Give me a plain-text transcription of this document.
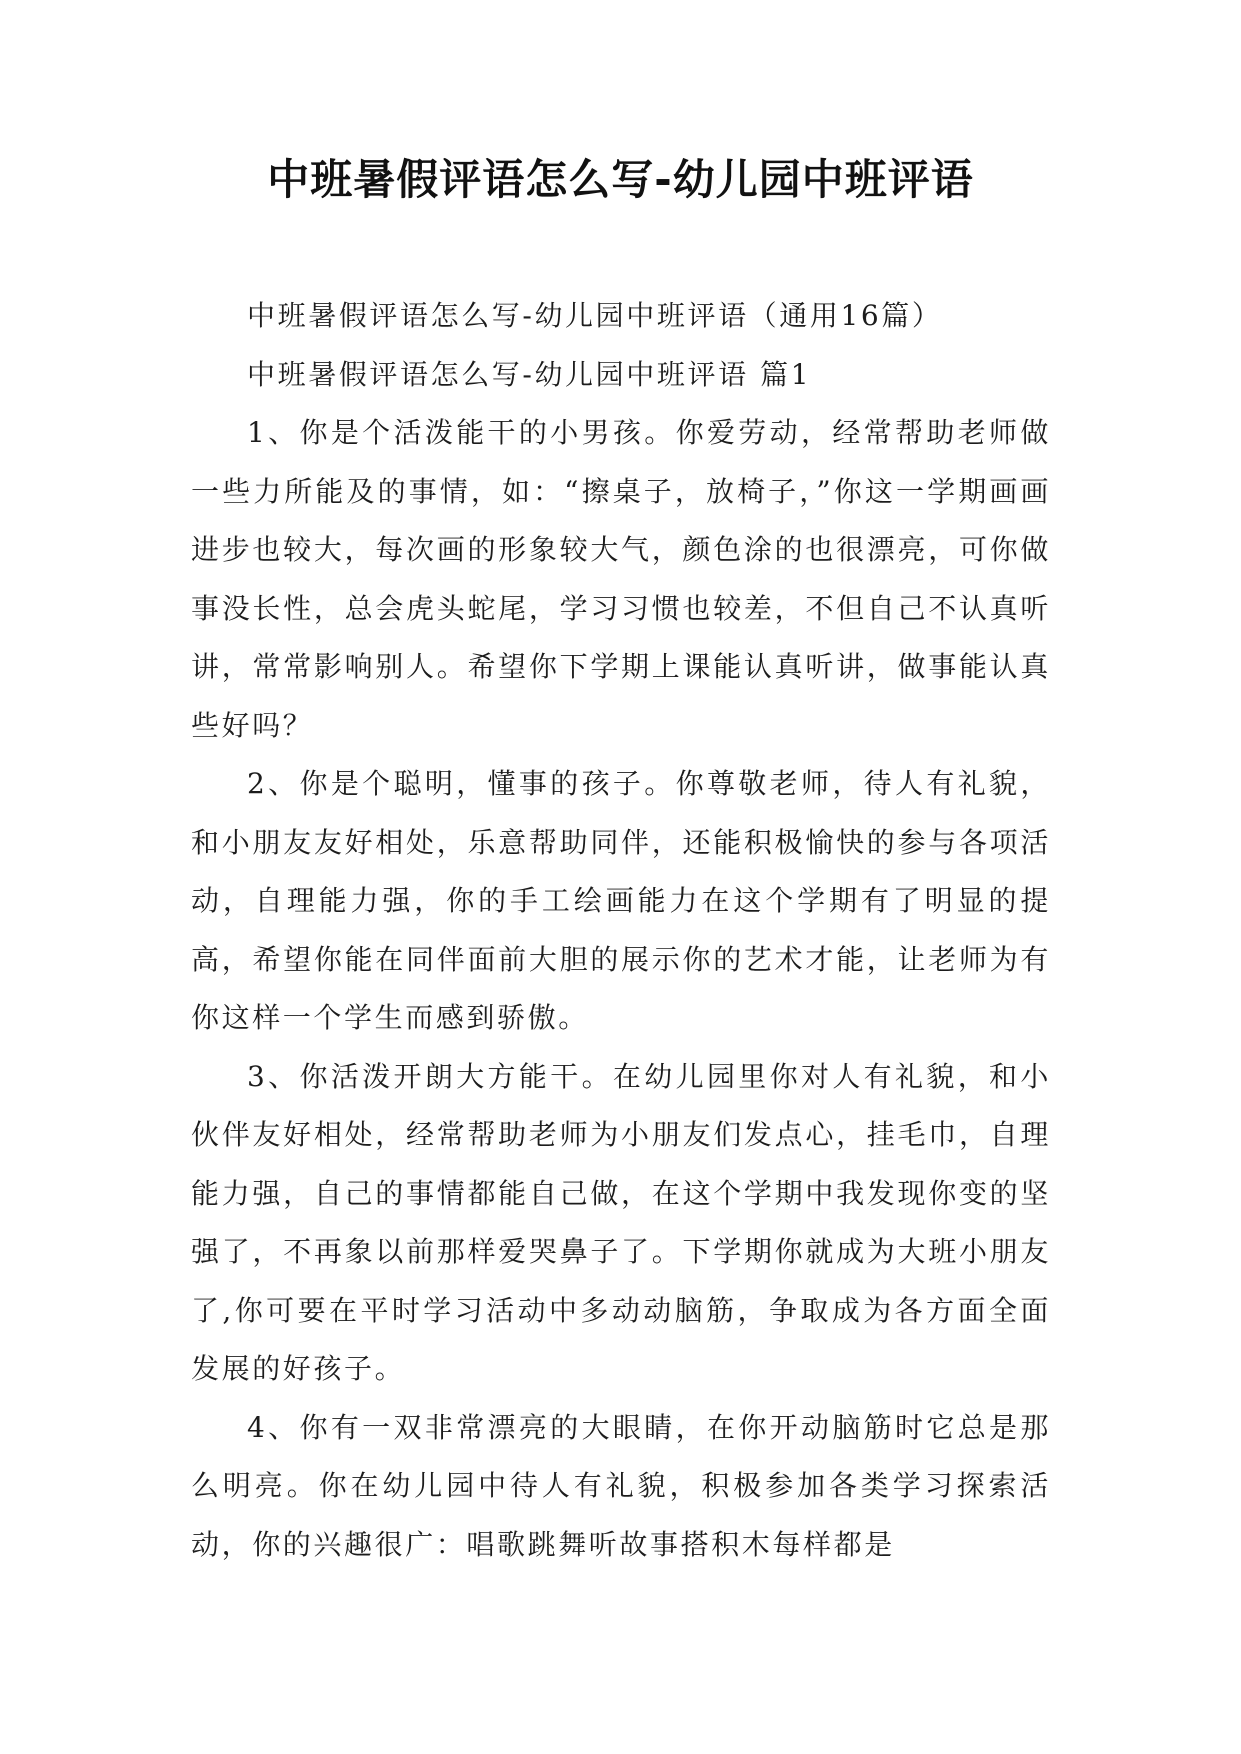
中班暑假评语怎么写-幼儿园中班评语

中班暑假评语怎么写-幼儿园中班评语（通用16篇）

中班暑假评语怎么写-幼儿园中班评语 篇1

1、你是个活泼能干的小男孩。你爱劳动，经常帮助老师做一些力所能及的事情，如：“擦桌子，放椅子，”你这一学期画画进步也较大，每次画的形象较大气，颜色涂的也很漂亮，可你做事没长性，总会虎头蛇尾，学习习惯也较差，不但自己不认真听讲，常常影响别人。希望你下学期上课能认真听讲，做事能认真些好吗？

2、你是个聪明，懂事的孩子。你尊敬老师，待人有礼貌，和小朋友友好相处，乐意帮助同伴，还能积极愉快的参与各项活动，自理能力强，你的手工绘画能力在这个学期有了明显的提高，希望你能在同伴面前大胆的展示你的艺术才能，让老师为有你这样一个学生而感到骄傲。

3、你活泼开朗大方能干。在幼儿园里你对人有礼貌，和小伙伴友好相处，经常帮助老师为小朋友们发点心，挂毛巾，自理能力强，自己的事情都能自己做，在这个学期中我发现你变的坚强了，不再象以前那样爱哭鼻子了。下学期你就成为大班小朋友了,你可要在平时学习活动中多动动脑筋，争取成为各方面全面发展的好孩子。

4、你有一双非常漂亮的大眼睛，在你开动脑筋时它总是那么明亮。你在幼儿园中待人有礼貌，积极参加各类学习探索活动，你的兴趣很广：唱歌跳舞听故事搭积木每样都是
